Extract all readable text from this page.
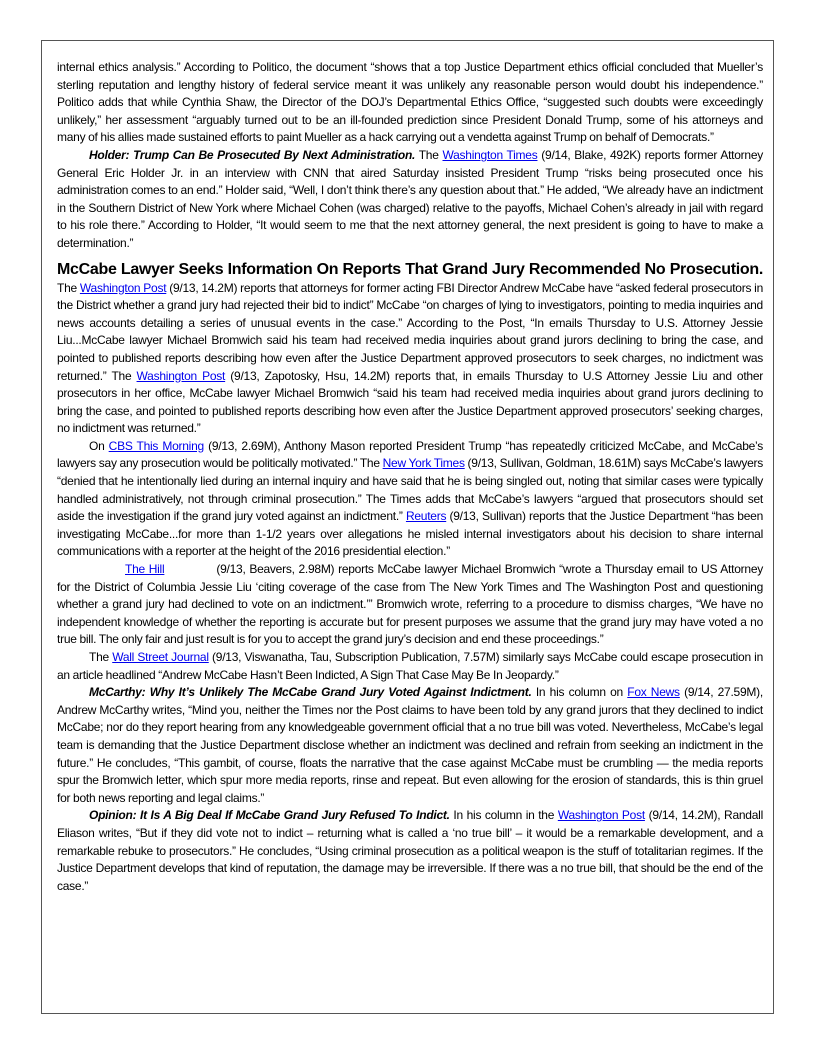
internal ethics analysis.” According to Politico, the document “shows that a top Justice Department ethics official concluded that Mueller’s sterling reputation and lengthy history of federal service meant it was unlikely any reasonable person would doubt his independence.” Politico adds that while Cynthia Shaw, the Director of the DOJ’s Departmental Ethics Office, “suggested such doubts were exceedingly unlikely,” her assessment “arguably turned out to be an ill-founded prediction since President Donald Trump, some of his attorneys and many of his allies made sustained efforts to paint Mueller as a hack carrying out a vendetta against Trump on behalf of Democrats.”

Holder: Trump Can Be Prosecuted By Next Administration. The Washington Times (9/14, Blake, 492K) reports former Attorney General Eric Holder Jr. in an interview with CNN that aired Saturday insisted President Trump “risks being prosecuted once his administration comes to an end.” Holder said, “Well, I don’t think there’s any question about that.” He added, “We already have an indictment in the Southern District of New York where Michael Cohen (was charged) relative to the payoffs, Michael Cohen’s already in jail with regard to his role there.” According to Holder, “It would seem to me that the next attorney general, the next president is going to have to make a determination.”

McCabe Lawyer Seeks Information On Reports That Grand Jury Recommended No Prosecution.

The Washington Post (9/13, 14.2M) reports that attorneys for former acting FBI Director Andrew McCabe have “asked federal prosecutors in the District whether a grand jury had rejected their bid to indict” McCabe “on charges of lying to investigators, pointing to media inquiries and news accounts detailing a series of unusual events in the case.” According to the Post, “In emails Thursday to U.S. Attorney Jessie Liu...McCabe lawyer Michael Bromwich said his team had received media inquiries about grand jurors declining to bring the case, and pointed to published reports describing how even after the Justice Department approved prosecutors to seek charges, no indictment was returned.” The Washington Post (9/13, Zapotosky, Hsu, 14.2M) reports that, in emails Thursday to U.S Attorney Jessie Liu and other prosecutors in her office, McCabe lawyer Michael Bromwich “said his team had received media inquiries about grand jurors declining to bring the case, and pointed to published reports describing how even after the Justice Department approved prosecutors’ seeking charges, no indictment was returned.”

On CBS This Morning (9/13, 2.69M), Anthony Mason reported President Trump “has repeatedly criticized McCabe, and McCabe’s lawyers say any prosecution would be politically motivated.” The New York Times (9/13, Sullivan, Goldman, 18.61M) says McCabe’s lawyers “denied that he intentionally lied during an internal inquiry and have said that he is being singled out, noting that similar cases were typically handled administratively, not through criminal prosecution.” The Times adds that McCabe’s lawyers “argued that prosecutors should set aside the investigation if the grand jury voted against an indictment.” Reuters (9/13, Sullivan) reports that the Justice Department “has been investigating McCabe...for more than 1-1/2 years over allegations he misled internal investigators about his decision to share internal communications with a reporter at the height of the 2016 presidential election.”

The Hill	(9/13, Beavers, 2.98M) reports McCabe lawyer Michael Bromwich “wrote a Thursday email to US Attorney for the District of Columbia Jessie Liu ‘citing coverage of the case from The New York Times and The Washington Post and questioning whether a grand jury had declined to vote on an indictment.’” Bromwich wrote, referring to a procedure to dismiss charges, “We have no independent knowledge of whether the reporting is accurate but for present purposes we assume that the grand jury may have voted a no true bill. The only fair and just result is for you to accept the grand jury’s decision and end these proceedings.”

The Wall Street Journal (9/13, Viswanatha, Tau, Subscription Publication, 7.57M) similarly says McCabe could escape prosecution in an article headlined “Andrew McCabe Hasn’t Been Indicted, A Sign That Case May Be In Jeopardy.”

McCarthy: Why It’s Unlikely The McCabe Grand Jury Voted Against Indictment. In his column on Fox News (9/14, 27.59M), Andrew McCarthy writes, “Mind you, neither the Times nor the Post claims to have been told by any grand jurors that they declined to indict McCabe; nor do they report hearing from any knowledgeable government official that a no true bill was voted. Nevertheless, McCabe’s legal team is demanding that the Justice Department disclose whether an indictment was declined and refrain from seeking an indictment in the future.” He concludes, “This gambit, of course, floats the narrative that the case against McCabe must be crumbling — the media reports spur the Bromwich letter, which spur more media reports, rinse and repeat. But even allowing for the erosion of standards, this is thin gruel for both news reporting and legal claims.”

Opinion: It Is A Big Deal If McCabe Grand Jury Refused To Indict. In his column in the Washington Post (9/14, 14.2M), Randall Eliason writes, “But if they did vote not to indict – returning what is called a ‘no true bill’ – it would be a remarkable development, and a remarkable rebuke to prosecutors.” He concludes, “Using criminal prosecution as a political weapon is the stuff of totalitarian regimes. If the Justice Department develops that kind of reputation, the damage may be irreversible. If there was a no true bill, that should be the end of the case.”
